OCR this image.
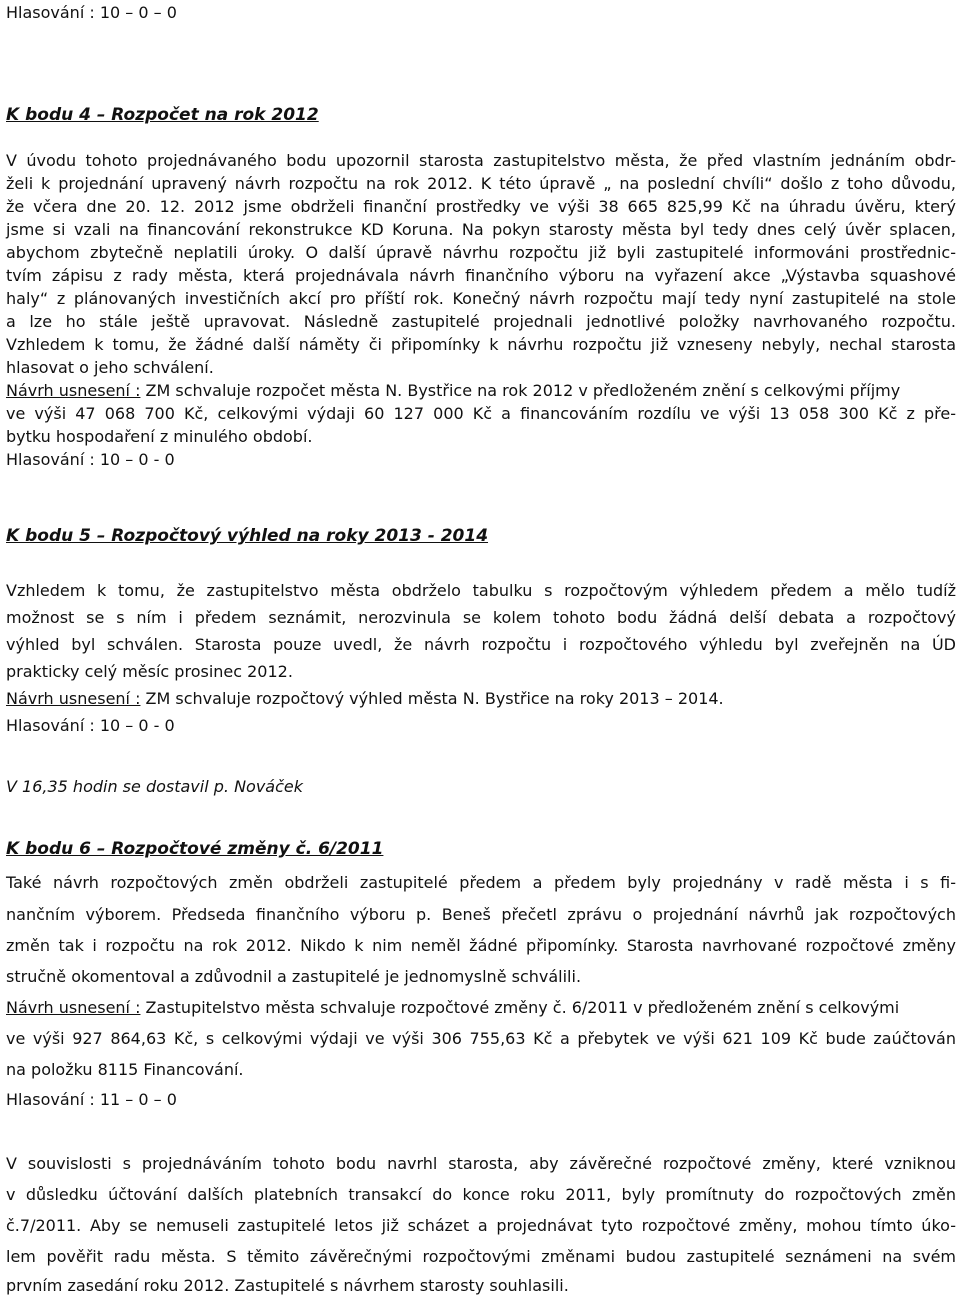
Hlasování : 10 – 0 – 0
K bodu 4 – Rozpočet na rok 2012
V úvodu tohoto projednávaného bodu upozornil starosta zastupitelstvo města, že před vlastním jednáním obdr-
želi k projednání upravený návrh rozpočtu na rok 2012. K této úpravě „ na poslední chvíli“ došlo z toho důvodu,
že včera dne 20. 12. 2012 jsme obdrželi finanční prostředky ve výši 38 665 825,99 Kč na úhradu úvěru, který
jsme si vzali na financování rekonstrukce KD Koruna. Na pokyn starosty města byl tedy dnes celý úvěr splacen,
abychom zbytečně neplatili úroky. O další úpravě návrhu rozpočtu již byli zastupitelé informováni prostřednic-
tvím zápisu z rady města, která projednávala návrh finančního výboru na vyřazení akce „Výstavba squashové
haly“ z plánovaných investičních akcí pro příští rok. Konečný návrh rozpočtu mají tedy nyní zastupitelé na stole
a lze ho stále ještě upravovat. Následně zastupitelé projednali jednotlivé položky navrhovaného rozpočtu.
Vzhledem k tomu, že žádné další náměty či připomínky k návrhu rozpočtu již vzneseny nebyly, nechal starosta
hlasovat o jeho schválení.
Návrh usnesení : ZM schvaluje rozpočet města N. Bystřice na rok 2012 v předloženém znění s celkovými příjmy
ve výši 47 068 700 Kč, celkovými výdaji 60 127 000 Kč a financováním rozdílu ve výši 13 058 300 Kč z pře-
bytku hospodaření z minulého období.
Hlasování : 10 – 0 - 0
K bodu 5 – Rozpočtový výhled na roky 2013 - 2014
Vzhledem k tomu, že zastupitelstvo města obdrželo tabulku s rozpočtovým výhledem předem a mělo tudíž
možnost se s ním i předem seznámit, nerozvinula se kolem tohoto bodu žádná delší debata a rozpočtový
výhled byl schválen. Starosta pouze uvedl, že návrh rozpočtu i rozpočtového výhledu byl zveřejněn na ÚD
prakticky celý měsíc prosinec 2012.
Návrh usnesení : ZM schvaluje rozpočtový výhled města N. Bystřice na roky 2013 – 2014.
Hlasování : 10 – 0 - 0
V 16,35 hodin se dostavil p. Nováček
K bodu 6 – Rozpočtové změny č. 6/2011
Také návrh rozpočtových změn obdrželi zastupitelé předem a předem byly projednány v radě města i s fi-
nančním výborem. Předseda finančního výboru p. Beneš přečetl zprávu o projednání návrhů jak rozpočtových
změn tak i rozpočtu na rok 2012. Nikdo k nim neměl žádné připomínky. Starosta navrhované rozpočtové změny
stručně okomentoval a zdůvodnil a zastupitelé je jednomyslně schválili.
Návrh usnesení : Zastupitelstvo města schvaluje rozpočtové změny č. 6/2011 v předloženém znění s celkovými
ve výši 927 864,63 Kč, s celkovými výdaji ve výši 306 755,63 Kč a přebytek ve výši 621 109 Kč bude zaúčtován
na položku 8115 Financování.
Hlasování : 11 – 0 – 0
V souvislosti s projednáváním tohoto bodu navrhl starosta, aby závěrečné rozpočtové změny, které vzniknou
v důsledku účtování dalších platebních transakcí do konce roku 2011, byly promítnuty do rozpočtových změn
č.7/2011. Aby se nemuseli zastupitelé letos již scházet a projednávat tyto rozpočtové změny, mohou tímto úko-
lem pověřit radu města. S těmito závěrečnými rozpočtovými změnami budou zastupitelé seznámeni na svém
prvním zasedání roku 2012. Zastupitelé s návrhem starosty souhlasili.
